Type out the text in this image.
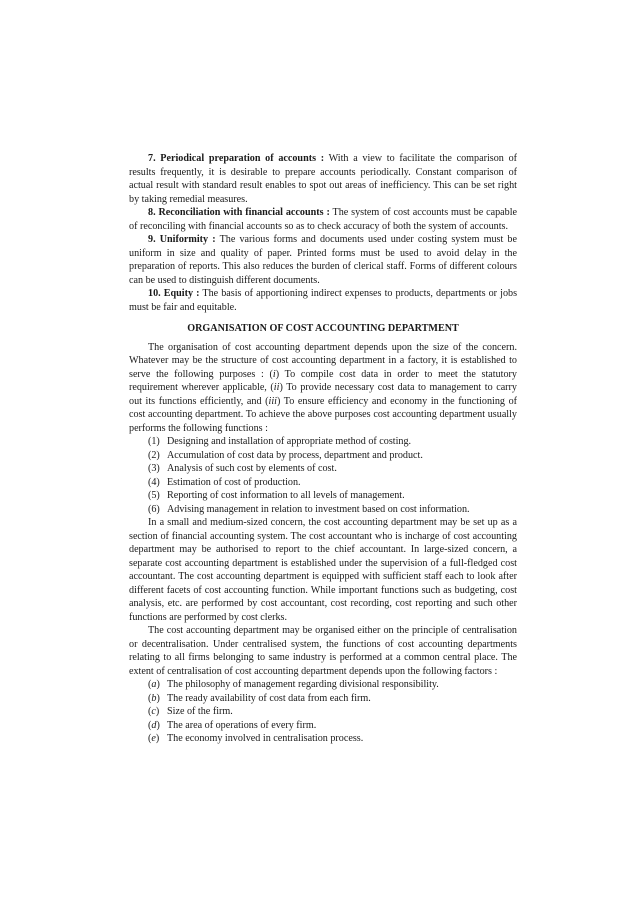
7. Periodical preparation of accounts : With a view to facilitate the comparison of results frequently, it is desirable to prepare accounts periodically. Constant comparison of actual result with standard result enables to spot out areas of inefficiency. This can be set right by taking remedial measures.

8. Reconciliation with financial accounts : The system of cost accounts must be capable of reconciling with financial accounts so as to check accuracy of both the system of accounts.

9. Uniformity : The various forms and documents used under costing system must be uniform in size and quality of paper. Printed forms must be used to avoid delay in the preparation of reports. This also reduces the burden of clerical staff. Forms of different colours can be used to distinguish different documents.

10. Equity : The basis of apportioning indirect expenses to products, departments or jobs must be fair and equitable.

ORGANISATION OF COST ACCOUNTING DEPARTMENT

The organisation of cost accounting department depends upon the size of the concern. Whatever may be the structure of cost accounting department in a factory, it is established to serve the following purposes : (i) To compile cost data in order to meet the statutory requirement wherever applicable, (ii) To provide necessary cost data to management to carry out its functions efficiently, and (iii) To ensure efficiency and economy in the functioning of cost accounting department. To achieve the above purposes cost accounting department usually performs the following functions :

(1) Designing and installation of appropriate method of costing.
(2) Accumulation of cost data by process, department and product.
(3) Analysis of such cost by elements of cost.
(4) Estimation of cost of production.
(5) Reporting of cost information to all levels of management.
(6) Advising management in relation to investment based on cost information.

In a small and medium-sized concern, the cost accounting department may be set up as a section of financial accounting system. The cost accountant who is incharge of cost accounting department may be authorised to report to the chief accountant. In large-sized concern, a separate cost accounting department is established under the supervision of a full-fledged cost accountant. The cost accounting department is equipped with sufficient staff each to look after different facets of cost accounting function. While important functions such as budgeting, cost analysis, etc. are performed by cost accountant, cost recording, cost reporting and such other functions are performed by cost clerks.

The cost accounting department may be organised either on the principle of centralisation or decentralisation. Under centralised system, the functions of cost accounting departments relating to all firms belonging to same industry is performed at a common central place. The extent of centralisation of cost accounting department depends upon the following factors :

(a) The philosophy of management regarding divisional responsibility.
(b) The ready availability of cost data from each firm.
(c) Size of the firm.
(d) The area of operations of every firm.
(e) The economy involved in centralisation process.
